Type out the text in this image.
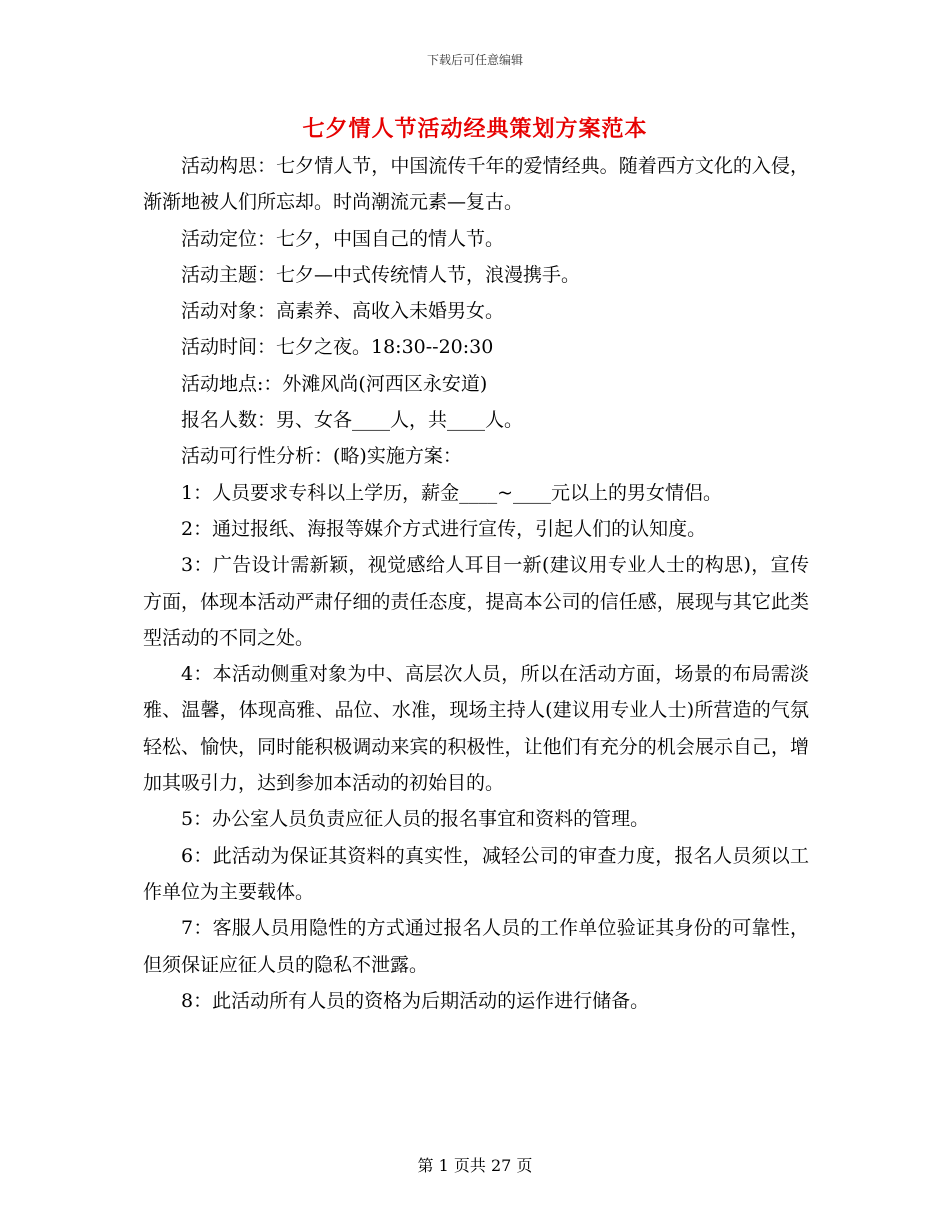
下载后可任意编辑
七夕情人节活动经典策划方案范本

活动构思：七夕情人节，中国流传千年的爱情经典。随着西方文化的入侵，渐渐地被人们所忘却。时尚潮流元素—复古。

活动定位：七夕，中国自己的情人节。

活动主题：七夕—中式传统情人节，浪漫携手。

活动对象：高素养、高收入未婚男女。

活动时间：七夕之夜。18:30--20:30

活动地点:：外滩风尚(河西区永安道)

报名人数：男、女各____人，共____人。

活动可行性分析：(略)实施方案：

1：人员要求专科以上学历，薪金____~____元以上的男女情侣。

2：通过报纸、海报等媒介方式进行宣传，引起人们的认知度。

3：广告设计需新颖，视觉感给人耳目一新(建议用专业人士的构思)，宣传方面，体现本活动严肃仔细的责任态度，提高本公司的信任感，展现与其它此类型活动的不同之处。

4：本活动侧重对象为中、高层次人员，所以在活动方面，场景的布局需淡雅、温馨，体现高雅、品位、水准，现场主持人(建议用专业人士)所营造的气氛轻松、愉快，同时能积极调动来宾的积极性，让他们有充分的机会展示自己，增加其吸引力，达到参加本活动的初始目的。

5：办公室人员负责应征人员的报名事宜和资料的管理。

6：此活动为保证其资料的真实性，减轻公司的审查力度，报名人员须以工作单位为主要载体。

7：客服人员用隐性的方式通过报名人员的工作单位验证其身份的可靠性，但须保证应征人员的隐私不泄露。

8：此活动所有人员的资格为后期活动的运作进行储备。

第 1 页共 27 页
